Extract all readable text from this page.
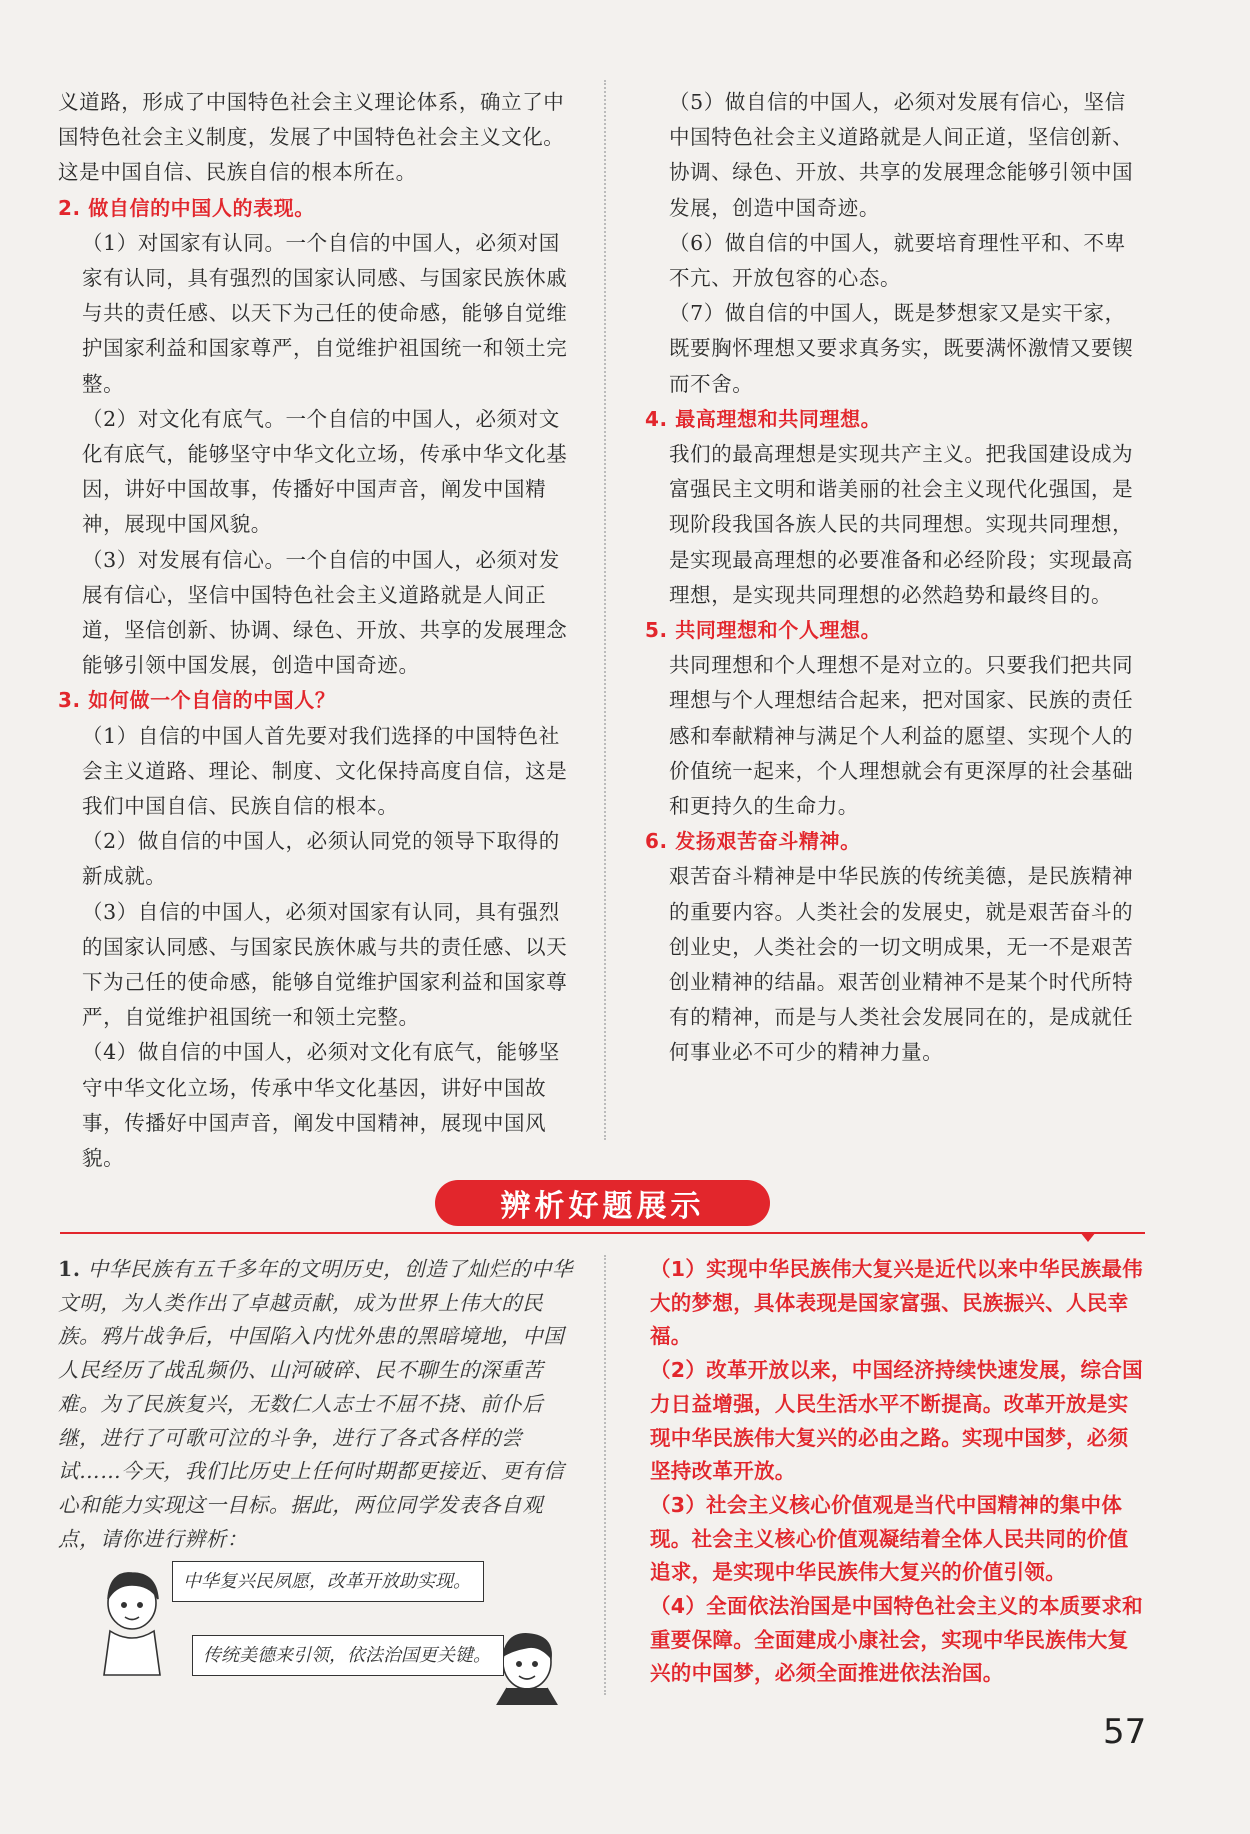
义道路，形成了中国特色社会主义理论体系，确立了中国特色社会主义制度，发展了中国特色社会主义文化。这是中国自信、民族自信的根本所在。

2. 做自信的中国人的表现。

（1）对国家有认同。一个自信的中国人，必须对国家有认同，具有强烈的国家认同感、与国家民族休戚与共的责任感、以天下为己任的使命感，能够自觉维护国家利益和国家尊严，自觉维护祖国统一和领土完整。

（2）对文化有底气。一个自信的中国人，必须对文化有底气，能够坚守中华文化立场，传承中华文化基因，讲好中国故事，传播好中国声音，阐发中国精神，展现中国风貌。

（3）对发展有信心。一个自信的中国人，必须对发展有信心，坚信中国特色社会主义道路就是人间正道，坚信创新、协调、绿色、开放、共享的发展理念能够引领中国发展，创造中国奇迹。

3. 如何做一个自信的中国人？

（1）自信的中国人首先要对我们选择的中国特色社会主义道路、理论、制度、文化保持高度自信，这是我们中国自信、民族自信的根本。

（2）做自信的中国人，必须认同党的领导下取得的新成就。

（3）自信的中国人，必须对国家有认同，具有强烈的国家认同感、与国家民族休戚与共的责任感、以天下为己任的使命感，能够自觉维护国家利益和国家尊严，自觉维护祖国统一和领土完整。

（4）做自信的中国人，必须对文化有底气，能够坚守中华文化立场，传承中华文化基因，讲好中国故事，传播好中国声音，阐发中国精神，展现中国风貌。

（5）做自信的中国人，必须对发展有信心，坚信中国特色社会主义道路就是人间正道，坚信创新、协调、绿色、开放、共享的发展理念能够引领中国发展，创造中国奇迹。

（6）做自信的中国人，就要培育理性平和、不卑不亢、开放包容的心态。

（7）做自信的中国人，既是梦想家又是实干家，既要胸怀理想又要求真务实，既要满怀激情又要锲而不舍。

4. 最高理想和共同理想。

我们的最高理想是实现共产主义。把我国建设成为富强民主文明和谐美丽的社会主义现代化强国，是现阶段我国各族人民的共同理想。实现共同理想，是实现最高理想的必要准备和必经阶段；实现最高理想，是实现共同理想的必然趋势和最终目的。

5. 共同理想和个人理想。

共同理想和个人理想不是对立的。只要我们把共同理想与个人理想结合起来，把对国家、民族的责任感和奉献精神与满足个人利益的愿望、实现个人的价值统一起来，个人理想就会有更深厚的社会基础和更持久的生命力。

6. 发扬艰苦奋斗精神。

艰苦奋斗精神是中华民族的传统美德，是民族精神的重要内容。人类社会的发展史，就是艰苦奋斗的创业史，人类社会的一切文明成果，无一不是艰苦创业精神的结晶。艰苦创业精神不是某个时代所特有的精神，而是与人类社会发展同在的，是成就任何事业必不可少的精神力量。

辨析好题展示
1. 中华民族有五千多年的文明历史，创造了灿烂的中华文明，为人类作出了卓越贡献，成为世界上伟大的民族。鸦片战争后，中国陷入内忧外患的黑暗境地，中国人民经历了战乱频仍、山河破碎、民不聊生的深重苦难。为了民族复兴，无数仁人志士不屈不挠、前仆后继，进行了可歌可泣的斗争，进行了各式各样的尝试……今天，我们比历史上任何时期都更接近、更有信心和能力实现这一目标。据此，两位同学发表各自观点，请你进行辨析：
中华复兴民夙愿，改革开放助实现。
传统美德来引领，依法治国更关键。

（1）实现中华民族伟大复兴是近代以来中华民族最伟大的梦想，具体表现是国家富强、民族振兴、人民幸福。

（2）改革开放以来，中国经济持续快速发展，综合国力日益增强，人民生活水平不断提高。改革开放是实现中华民族伟大复兴的必由之路。实现中国梦，必须坚持改革开放。

（3）社会主义核心价值观是当代中国精神的集中体现。社会主义核心价值观凝结着全体人民共同的价值追求，是实现中华民族伟大复兴的价值引领。

（4）全面依法治国是中国特色社会主义的本质要求和重要保障。全面建成小康社会，实现中华民族伟大复兴的中国梦，必须全面推进依法治国。

57
